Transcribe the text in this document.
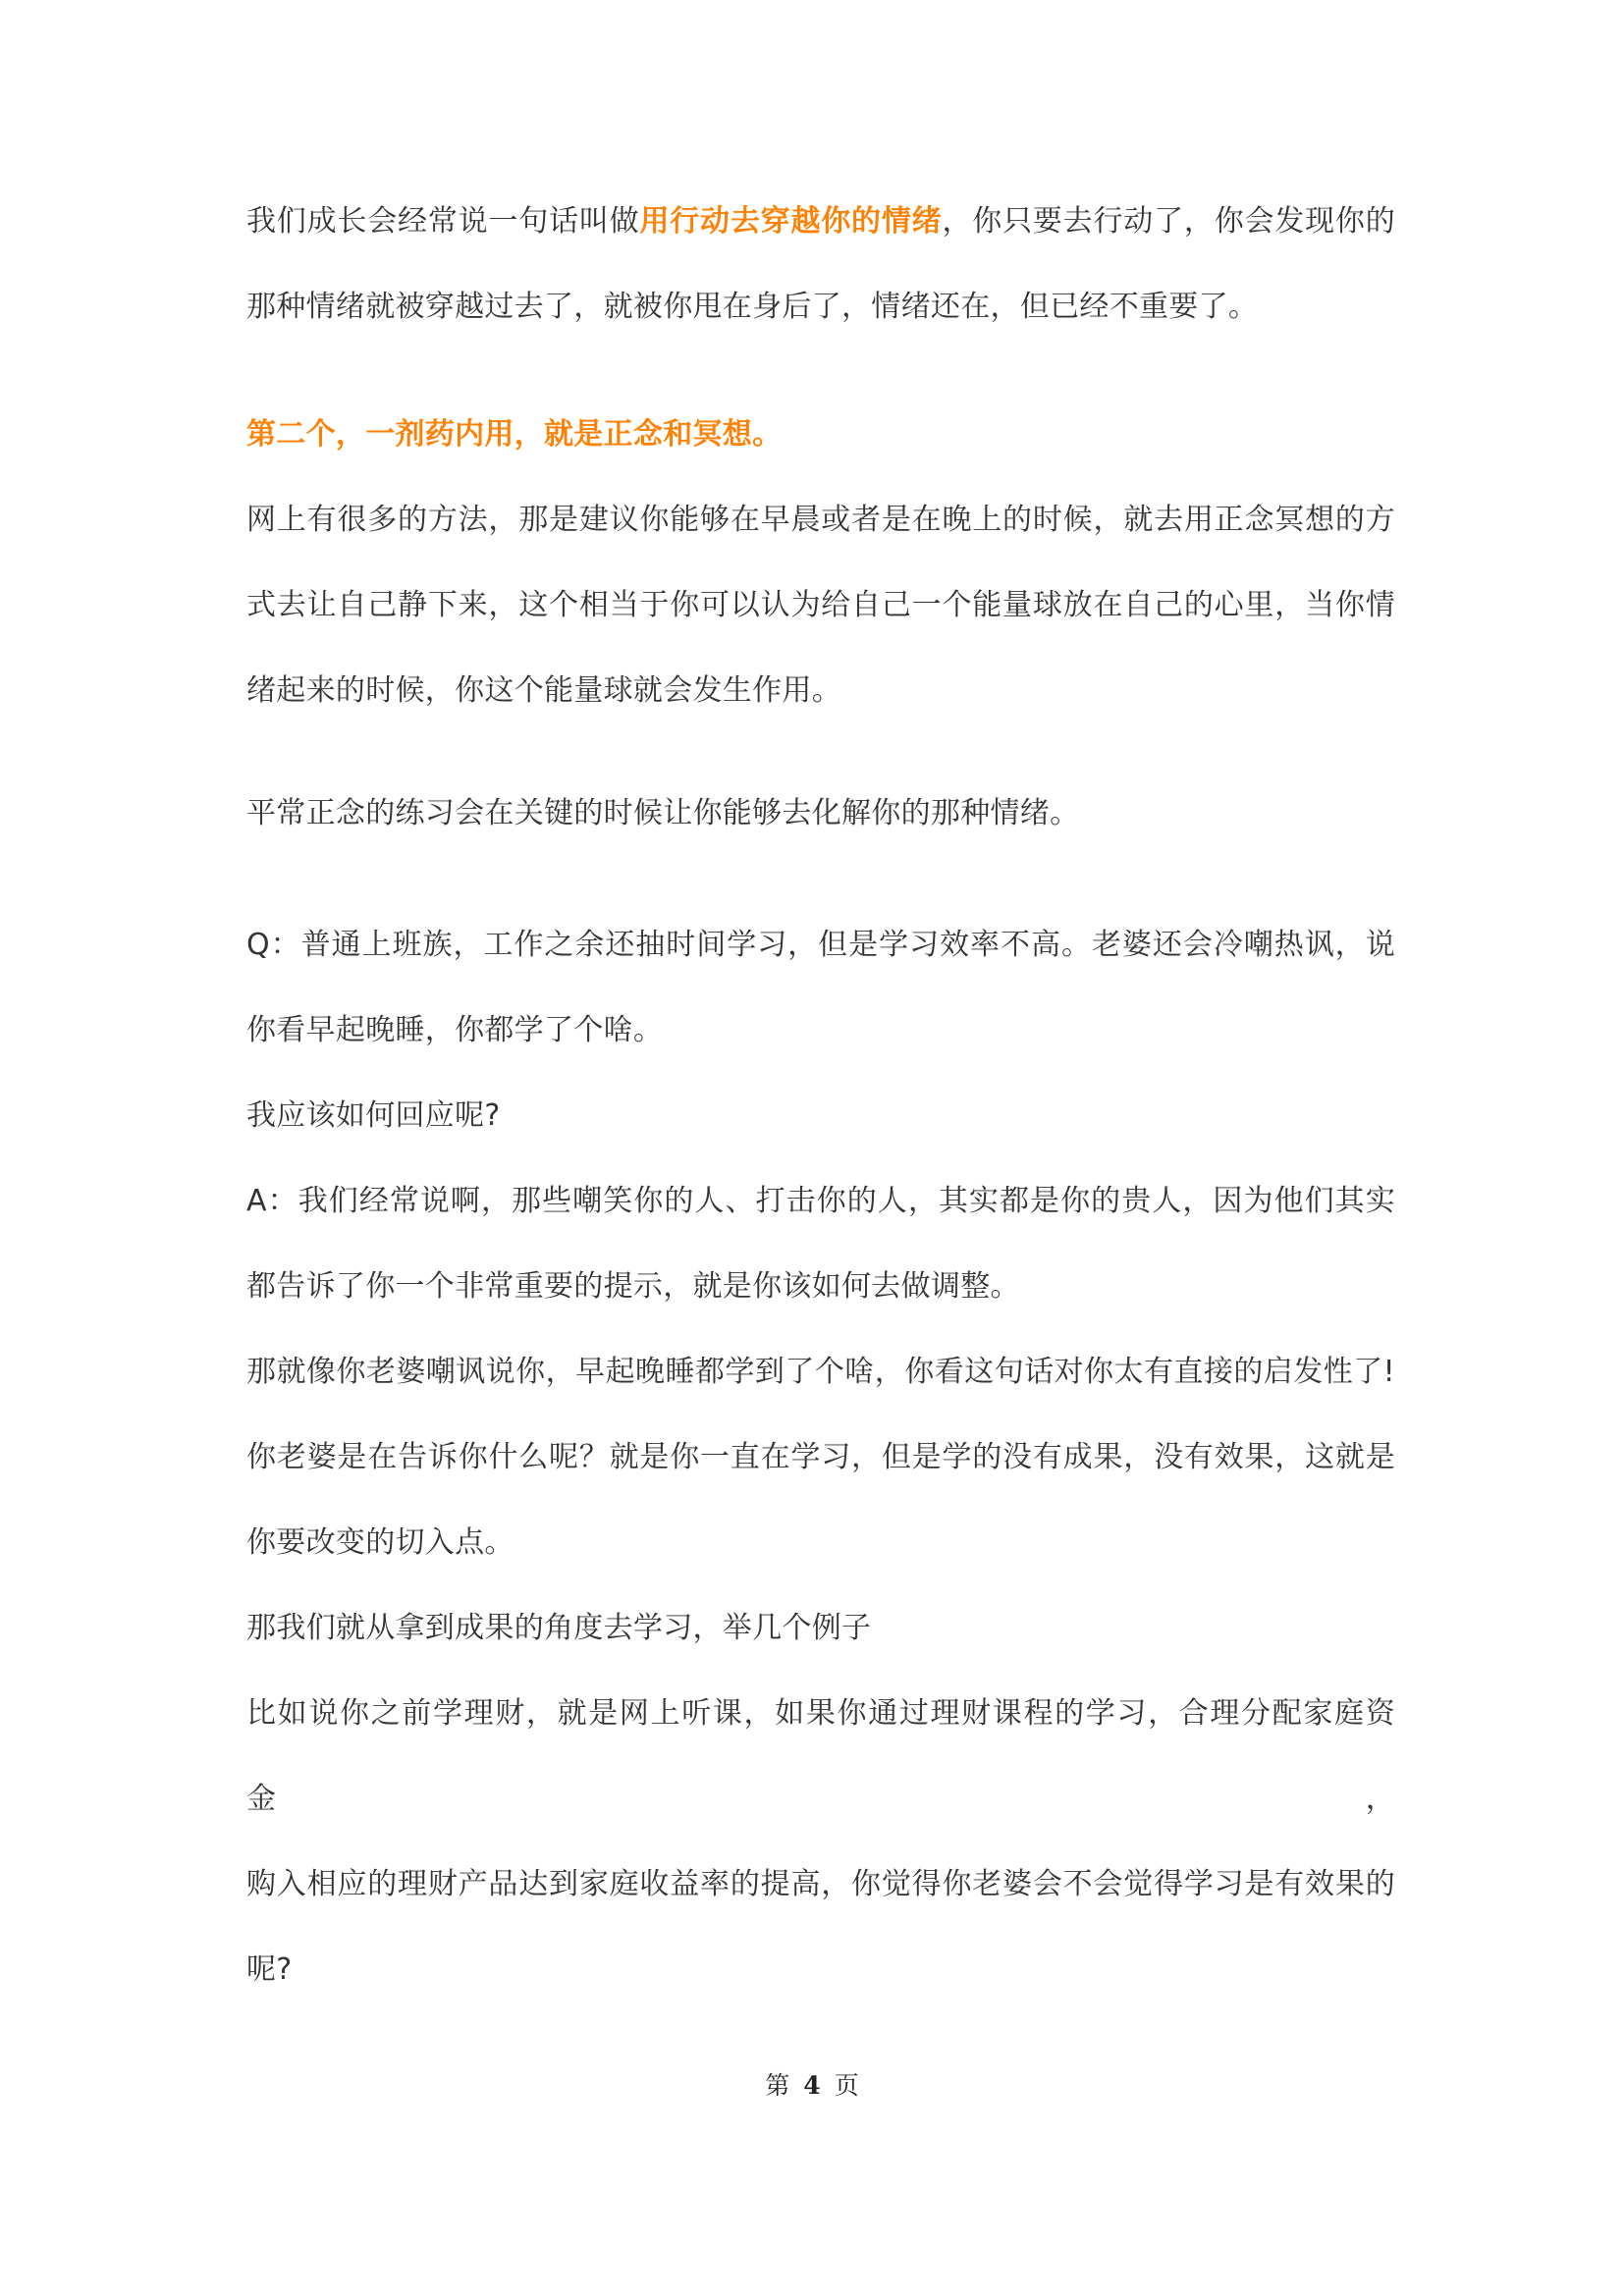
我们成长会经常说一句话叫做用行动去穿越你的情绪，你只要去行动了，你会发现你的
那种情绪就被穿越过去了，就被你甩在身后了，情绪还在，但已经不重要了。
第二个，一剂药内用，就是正念和冥想。
网上有很多的方法，那是建议你能够在早晨或者是在晚上的时候，就去用正念冥想的方
式去让自己静下来，这个相当于你可以认为给自己一个能量球放在自己的心里，当你情
绪起来的时候，你这个能量球就会发生作用。
平常正念的练习会在关键的时候让你能够去化解你的那种情绪。
Q：普通上班族，工作之余还抽时间学习，但是学习效率不高。老婆还会冷嘲热讽，说
你看早起晚睡，你都学了个啥。
我应该如何回应呢?
A：我们经常说啊，那些嘲笑你的人、打击你的人，其实都是你的贵人，因为他们其实
都告诉了你一个非常重要的提示，就是你该如何去做调整。
那就像你老婆嘲讽说你，早起晚睡都学到了个啥，你看这句话对你太有直接的启发性了!
你老婆是在告诉你什么呢？就是你一直在学习，但是学的没有成果，没有效果，这就是
你要改变的切入点。
那我们就从拿到成果的角度去学习，举几个例子
比如说你之前学理财，就是网上听课，如果你通过理财课程的学习，合理分配家庭资金，
购入相应的理财产品达到家庭收益率的提高，你觉得你老婆会不会觉得学习是有效果的
呢?
第 4 页
